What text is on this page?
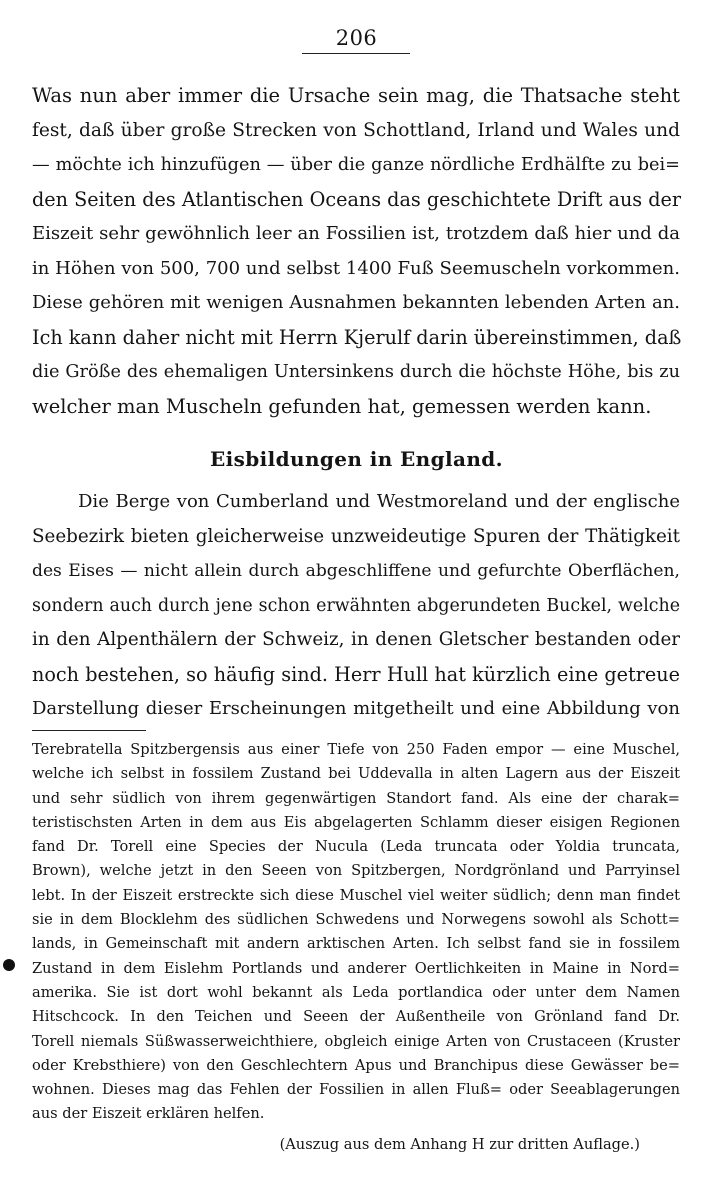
206
Was nun aber immer die Ursache sein mag, die Thatsache steht
fest, daß über große Strecken von Schottland, Irland und Wales und
— möchte ich hinzufügen — über die ganze nördliche Erdhälfte zu bei=
den Seiten des Atlantischen Oceans das geschichtete Drift aus der
Eiszeit sehr gewöhnlich leer an Fossilien ist, trotzdem daß hier und da
in Höhen von 500, 700 und selbst 1400 Fuß Seemuscheln vorkommen.
Diese gehören mit wenigen Ausnahmen bekannten lebenden Arten an.
Ich kann daher nicht mit Herrn Kjerulf darin übereinstimmen, daß
die Größe des ehemaligen Untersinkens durch die höchste Höhe, bis zu
welcher man Muscheln gefunden hat, gemessen werden kann.
Eisbildungen in England.
Die Berge von Cumberland und Westmoreland und der englische
Seebezirk bieten gleicherweise unzweideutige Spuren der Thätigkeit
des Eises — nicht allein durch abgeschliffene und gefurchte Oberflächen,
sondern auch durch jene schon erwähnten abgerundeten Buckel, welche
in den Alpenthälern der Schweiz, in denen Gletscher bestanden oder
noch bestehen, so häufig sind. Herr Hull hat kürzlich eine getreue
Darstellung dieser Erscheinungen mitgetheilt und eine Abbildung von
Terebratella Spitzbergensis aus einer Tiefe von 250 Faden empor — eine Muschel,
welche ich selbst in fossilem Zustand bei Uddevalla in alten Lagern aus der Eiszeit
und sehr südlich von ihrem gegenwärtigen Standort fand. Als eine der charak=
teristischsten Arten in dem aus Eis abgelagerten Schlamm dieser eisigen Regionen
fand Dr. Torell eine Species der Nucula (Leda truncata oder Yoldia truncata,
Brown), welche jetzt in den Seeen von Spitzbergen, Nordgrönland und Parryinsel
lebt. In der Eiszeit erstreckte sich diese Muschel viel weiter südlich; denn man findet
sie in dem Blocklehm des südlichen Schwedens und Norwegens sowohl als Schott=
lands, in Gemeinschaft mit andern arktischen Arten. Ich selbst fand sie in fossilem
Zustand in dem Eislehm Portlands und anderer Oertlichkeiten in Maine in Nord=
amerika. Sie ist dort wohl bekannt als Leda portlandica oder unter dem Namen
Hitschcock. In den Teichen und Seeen der Außentheile von Grönland fand Dr.
Torell niemals Süßwasserweichthiere, obgleich einige Arten von Crustaceen (Kruster
oder Krebsthiere) von den Geschlechtern Apus und Branchipus diese Gewässer be=
wohnen. Dieses mag das Fehlen der Fossilien in allen Fluß= oder Seeablagerungen
aus der Eiszeit erklären helfen.
(Auszug aus dem Anhang H zur dritten Auflage.)
